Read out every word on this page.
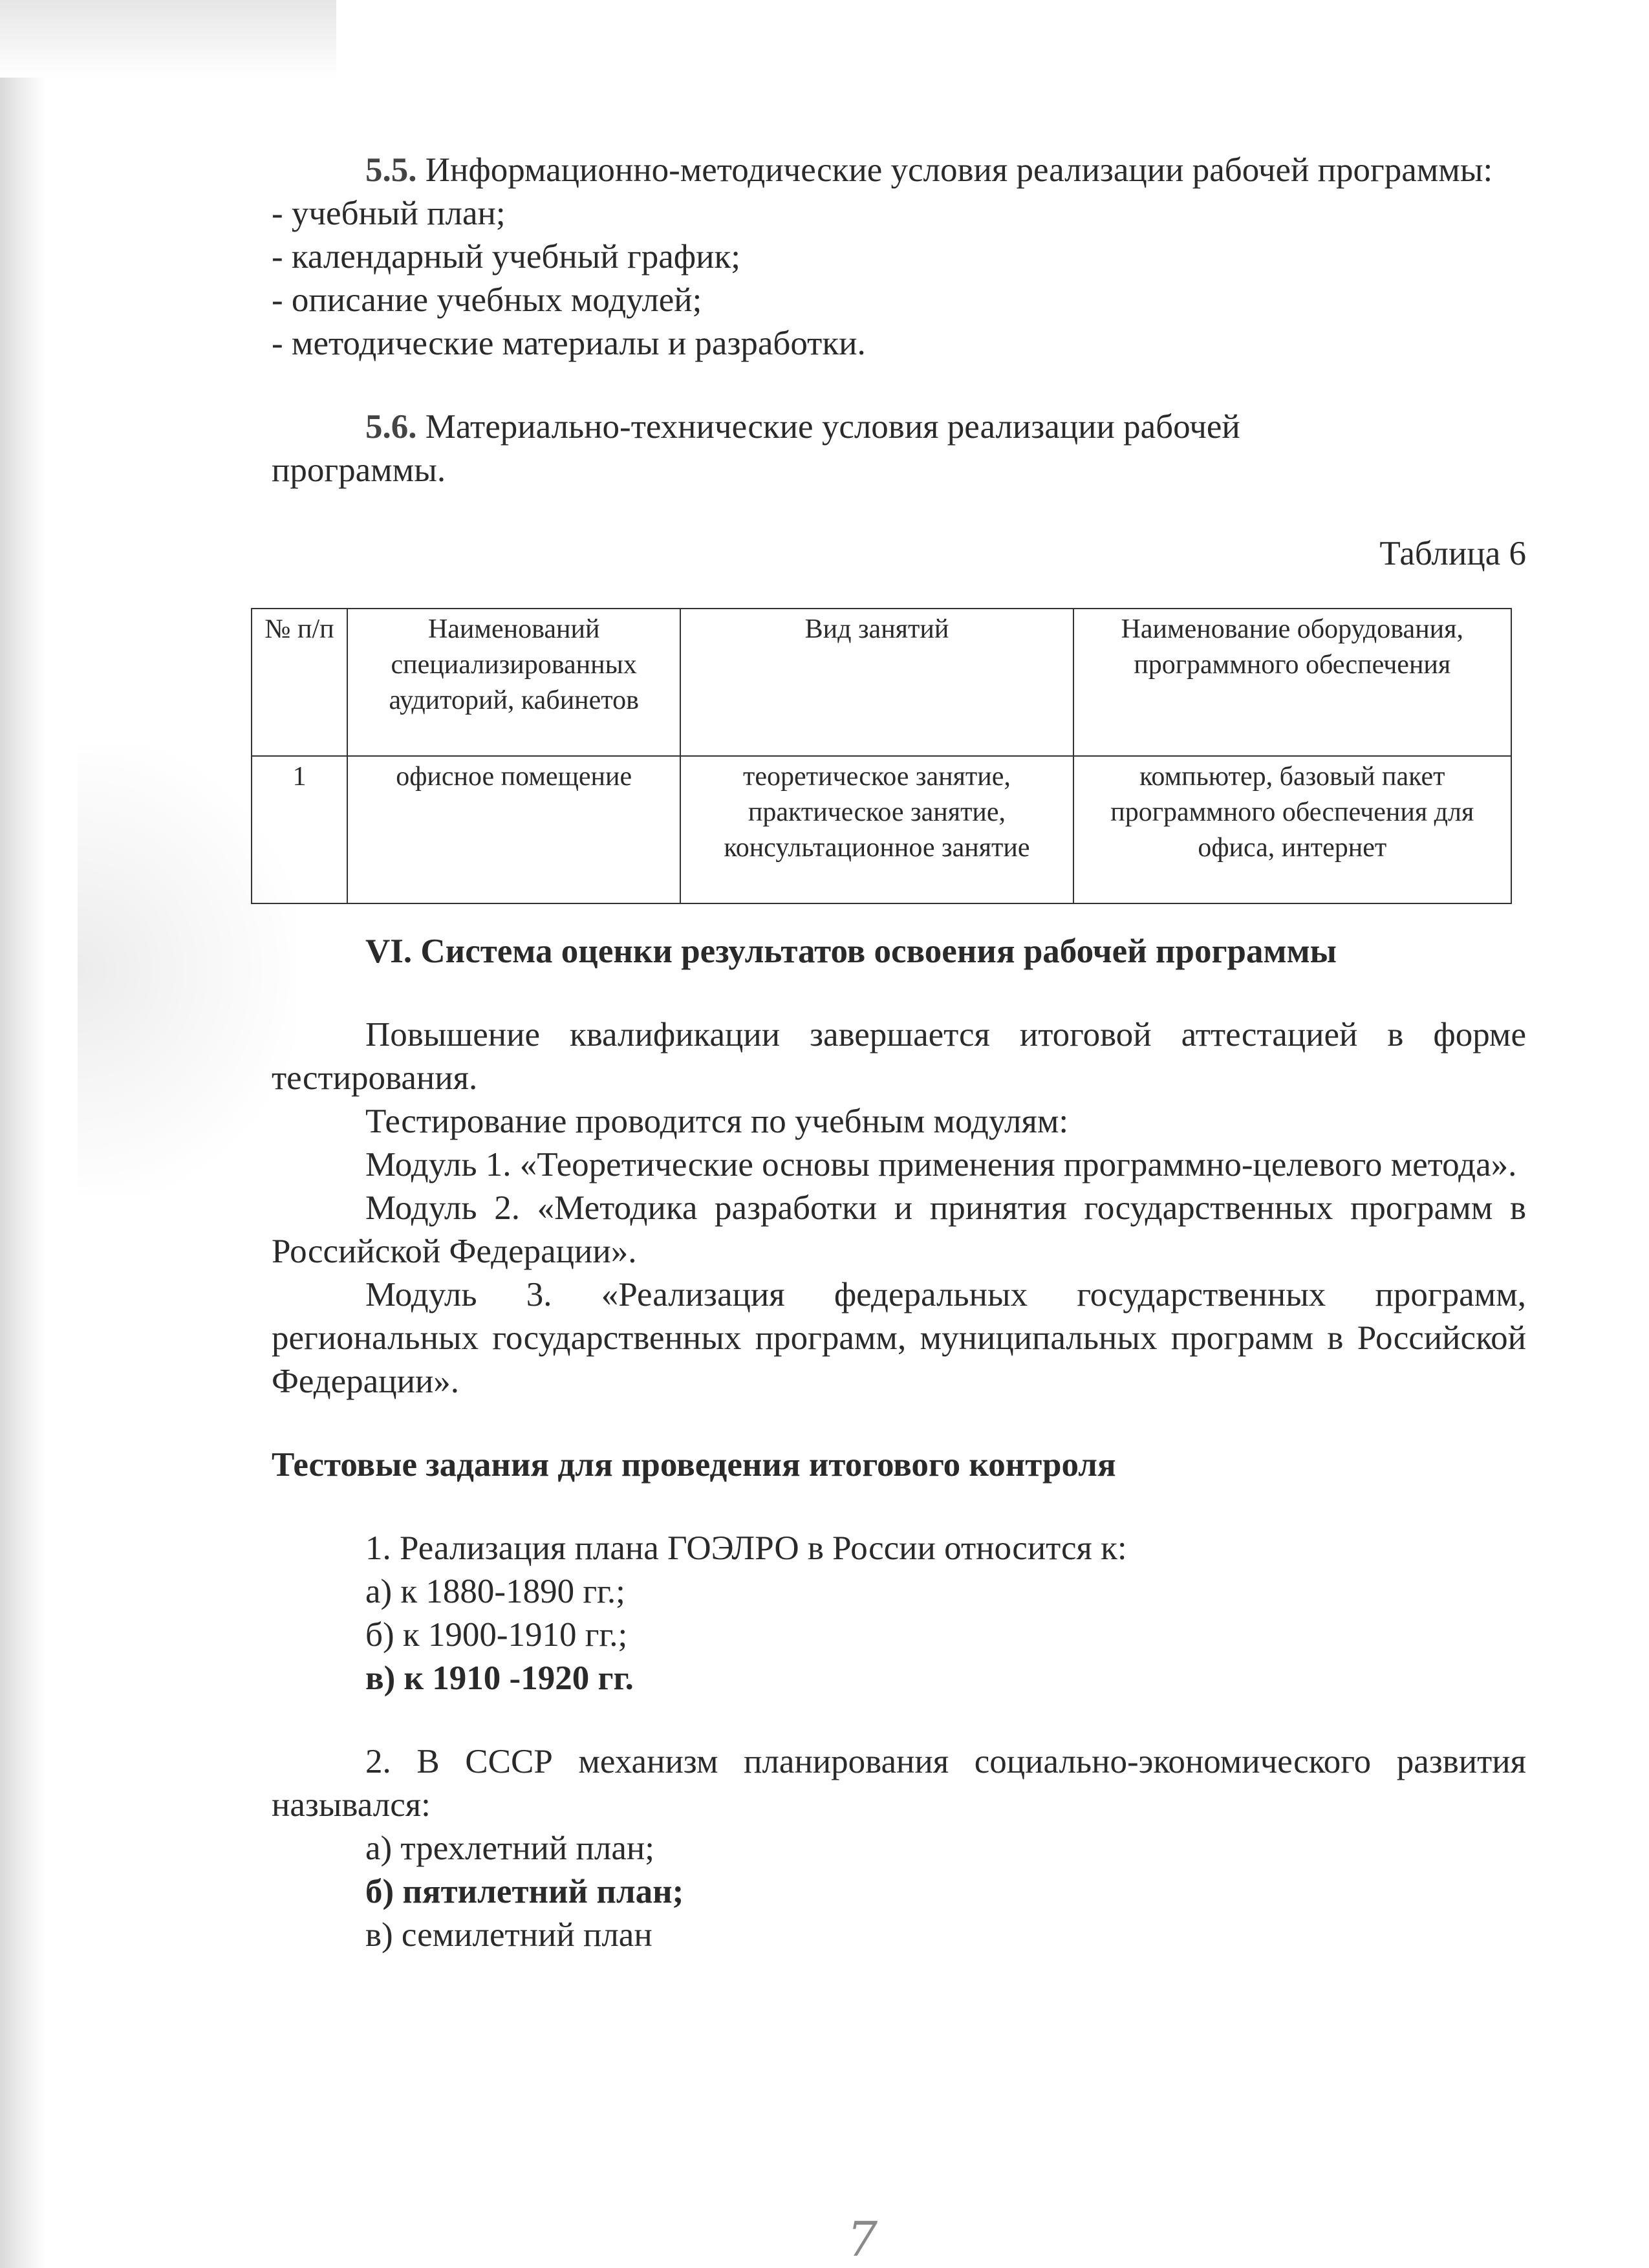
5.5. Информационно-методические условия реализации рабочей программы:

- учебный план;

- календарный учебный график;

- описание учебных модулей;

- методические материалы и разработки.

5.6. Материально-технические условия реализации рабочей программы.

Таблица 6

№ п/п	Наименований специализированных аудиторий, кабинетов	Вид занятий	Наименование оборудования, программного обеспечения
1	офисное помещение	теоретическое занятие, практическое занятие, консультационное занятие	компьютер, базовый пакет программного обеспечения для офиса, интернет

VI. Система оценки результатов освоения рабочей программы

Повышение квалификации завершается итоговой аттестацией в форме тестирования.

Тестирование проводится по учебным модулям:

Модуль 1. «Теоретические основы применения программно-целевого метода».

Модуль 2. «Методика разработки и принятия государственных программ в Российской Федерации».

Модуль 3. «Реализация федеральных государственных программ, региональных государственных программ, муниципальных программ в Российской Федерации».

Тестовые задания для проведения итогового контроля

1. Реализация плана ГОЭЛРО в России относится к:

а) к 1880-1890 гг.;

б) к 1900-1910 гг.;

в) к 1910 -1920 гг.

2. В СССР механизм планирования социально-экономического развития назывался:

а) трехлетний план;

б) пятилетний план;

в) семилетний план

7
